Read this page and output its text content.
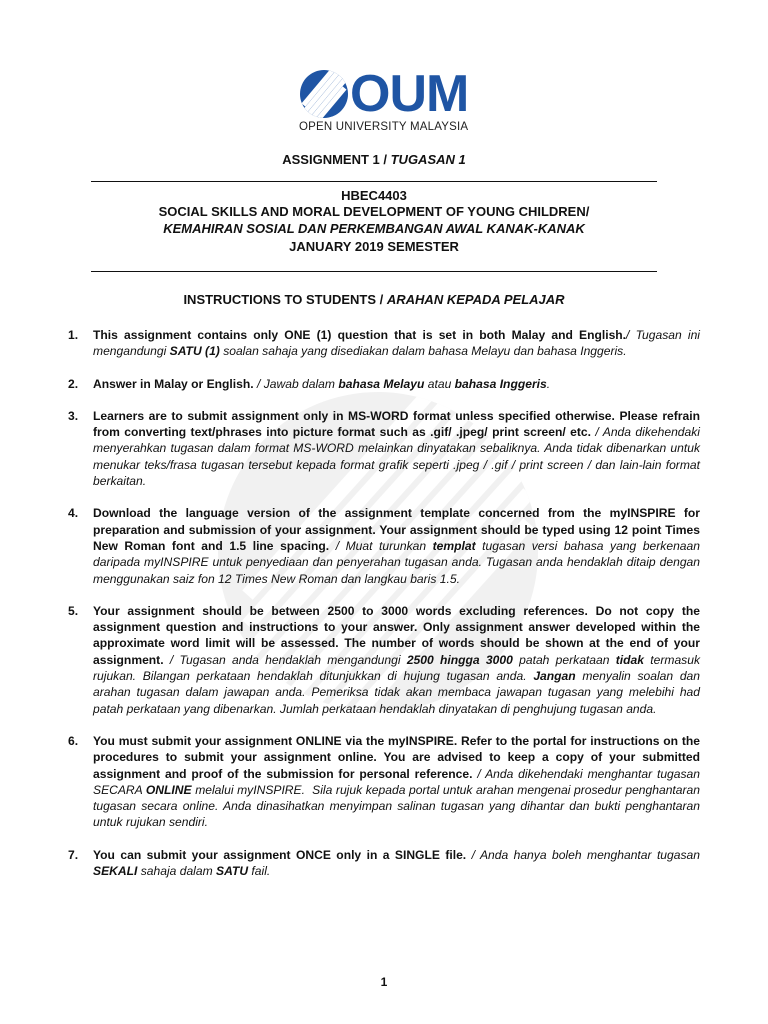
OUM
OPEN UNIVERSITY MALAYSIA
ASSIGNMENT 1 / TUGASAN 1
HBEC4403
SOCIAL SKILLS AND MORAL DEVELOPMENT OF YOUNG CHILDREN/
KEMAHIRAN SOSIAL DAN PERKEMBANGAN AWAL KANAK-KANAK
JANUARY 2019 SEMESTER
INSTRUCTIONS TO STUDENTS / ARAHAN KEPADA PELAJAR
1. This assignment contains only ONE (1) question that is set in both Malay and English./ Tugasan ini mengandungi SATU (1) soalan sahaja yang disediakan dalam bahasa Melayu dan bahasa Inggeris.
2. Answer in Malay or English. / Jawab dalam bahasa Melayu atau bahasa Inggeris.
3. Learners are to submit assignment only in MS-WORD format unless specified otherwise. Please refrain from converting text/phrases into picture format such as .gif/ .jpeg/ print screen/ etc. / Anda dikehendaki menyerahkan tugasan dalam format MS-WORD melainkan dinyatakan sebaliknya. Anda tidak dibenarkan untuk menukar teks/frasa tugasan tersebut kepada format grafik seperti .jpeg / .gif / print screen / dan lain-lain format berkaitan.
4. Download the language version of the assignment template concerned from the myINSPIRE for preparation and submission of your assignment. Your assignment should be typed using 12 point Times New Roman font and 1.5 line spacing. / Muat turunkan templat tugasan versi bahasa yang berkenaan daripada myINSPIRE untuk penyediaan dan penyerahan tugasan anda. Tugasan anda hendaklah ditaip dengan menggunakan saiz fon 12 Times New Roman dan langkau baris 1.5.
5. Your assignment should be between 2500 to 3000 words excluding references. Do not copy the assignment question and instructions to your answer. Only assignment answer developed within the approximate word limit will be assessed. The number of words should be shown at the end of your assignment. / Tugasan anda hendaklah mengandungi 2500 hingga 3000 patah perkataan tidak termasuk rujukan. Bilangan perkataan hendaklah ditunjukkan di hujung tugasan anda. Jangan menyalin soalan dan arahan tugasan dalam jawapan anda. Pemeriksa tidak akan membaca jawapan tugasan yang melebihi had patah perkataan yang dibenarkan. Jumlah perkataan hendaklah dinyatakan di penghujung tugasan anda.
6. You must submit your assignment ONLINE via the myINSPIRE. Refer to the portal for instructions on the procedures to submit your assignment online. You are advised to keep a copy of your submitted assignment and proof of the submission for personal reference. / Anda dikehendaki menghantar tugasan SECARA ONLINE melalui myINSPIRE.  Sila rujuk kepada portal untuk arahan mengenai prosedur penghantaran tugasan secara online. Anda dinasihatkan menyimpan salinan tugasan yang dihantar dan bukti penghantaran untuk rujukan sendiri.
7. You can submit your assignment ONCE only in a SINGLE file. / Anda hanya boleh menghantar tugasan SEKALI sahaja dalam SATU fail.
1
